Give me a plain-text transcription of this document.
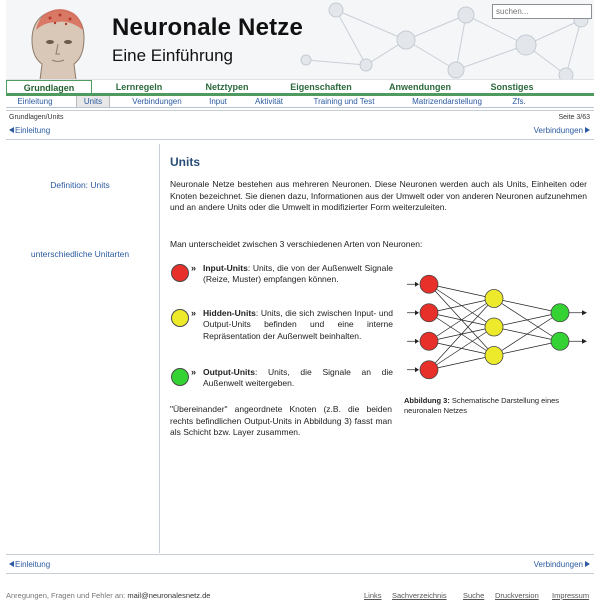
Neuronale Netze
Eine Einführung
suchen...
Grundlagen	Lernregeln	Netztypen	Eigenschaften	Anwendungen	Sonstiges
Einleitung	Units	Verbindungen	Input	Aktivität	Training und Test	Matrizendarstellung	Zfs.
Grundlagen/Units	Seite 3/63
Einleitung	Verbindungen
Definition: Units
unterschiedliche Unitarten
Units
Neuronale Netze bestehen aus mehreren Neuronen. Diese Neuronen werden auch als Units, Einheiten oder Knoten bezeichnet. Sie dienen dazu, Informationen aus der Umwelt oder von anderen Neuronen aufzunehmen und an andere Units oder die Umwelt in modifizierter Form weiterzuleiten.
Man unterscheidet zwischen 3 verschiedenen Arten von Neuronen:
» Input-Units: Units, die von der Außenwelt Signale (Reize, Muster) empfangen können.
» Hidden-Units: Units, die sich zwischen Input- und Output-Units befinden und eine interne Repräsentation der Außenwelt beinhalten.
» Output-Units: Units, die Signale an die Außenwelt weitergeben.
"Übereinander" angeordnete Knoten (z.B. die beiden rechts befindlichen Output-Units in Abbildung 3) fasst man als Schicht bzw. Layer zusammen.
Abbildung 3: Schematische Darstellung eines neuronalen Netzes
Einleitung	Verbindungen
Anregungen, Fragen und Fehler an: mail@neuronalesnetz.de	Links Sachverzeichnis Suche Druckversion Impressum
